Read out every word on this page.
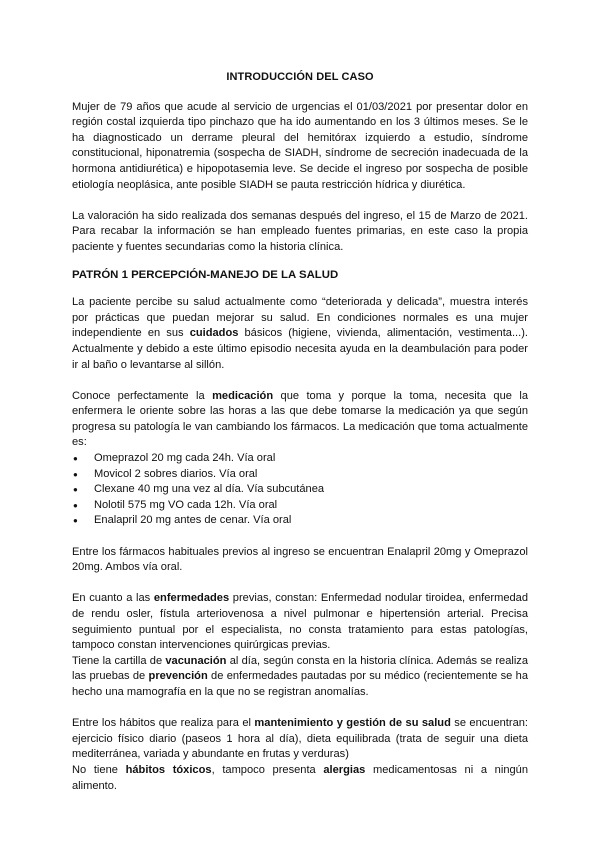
INTRODUCCIÓN DEL CASO

Mujer de 79 años que acude al servicio de urgencias el 01/03/2021 por presentar dolor en región costal izquierda tipo pinchazo que ha ido aumentando en los 3 últimos meses. Se le ha diagnosticado un derrame pleural del hemitórax izquierdo a estudio, síndrome constitucional, hiponatremia (sospecha de SIADH, síndrome de secreción inadecuada de la hormona antidiurética) e hipopotasemia leve. Se decide el ingreso por sospecha de posible etiología neoplásica, ante posible SIADH se pauta restricción hídrica y diurética.

La valoración ha sido realizada dos semanas después del ingreso, el 15 de Marzo de 2021. Para recabar la información se han empleado fuentes primarias, en este caso la propia paciente y fuentes secundarias como la historia clínica.

PATRÓN 1 PERCEPCIÓN-MANEJO DE LA SALUD

La paciente percibe su salud actualmente como “deteriorada y delicada”, muestra interés por prácticas que puedan mejorar su salud. En condiciones normales es una mujer independiente en sus cuidados básicos (higiene, vivienda, alimentación, vestimenta...). Actualmente y debido a este último episodio necesita ayuda en la deambulación para poder ir al baño o levantarse al sillón.

Conoce perfectamente la medicación que toma y porque la toma, necesita que la enfermera le oriente sobre las horas a las que debe tomarse la medicación ya que según progresa su patología le van cambiando los fármacos. La medicación que toma actualmente es:

● Omeprazol 20 mg cada 24h. Vía oral
● Movicol 2 sobres diarios. Vía oral
● Clexane 40 mg una vez al día. Vía subcutánea
● Nolotil 575 mg VO cada 12h. Vía oral
● Enalapril 20 mg antes de cenar. Vía oral

Entre los fármacos habituales previos al ingreso se encuentran Enalapril 20mg y Omeprazol 20mg. Ambos vía oral.

En cuanto a las enfermedades previas, constan: Enfermedad nodular tiroidea, enfermedad de rendu osler, fístula arteriovenosa a nivel pulmonar e hipertensión arterial. Precisa seguimiento puntual por el especialista, no consta tratamiento para estas patologías, tampoco constan intervenciones quirúrgicas previas.

Tiene la cartilla de vacunación al día, según consta en la historia clínica. Además se realiza las pruebas de prevención de enfermedades pautadas por su médico (recientemente se ha hecho una mamografía en la que no se registran anomalías.

Entre los hábitos que realiza para el mantenimiento y gestión de su salud se encuentran: ejercicio físico diario (paseos 1 hora al día), dieta equilibrada (trata de seguir una dieta mediterránea, variada y abundante en frutas y verduras)

No tiene hábitos tóxicos, tampoco presenta alergias medicamentosas ni a ningún alimento.
